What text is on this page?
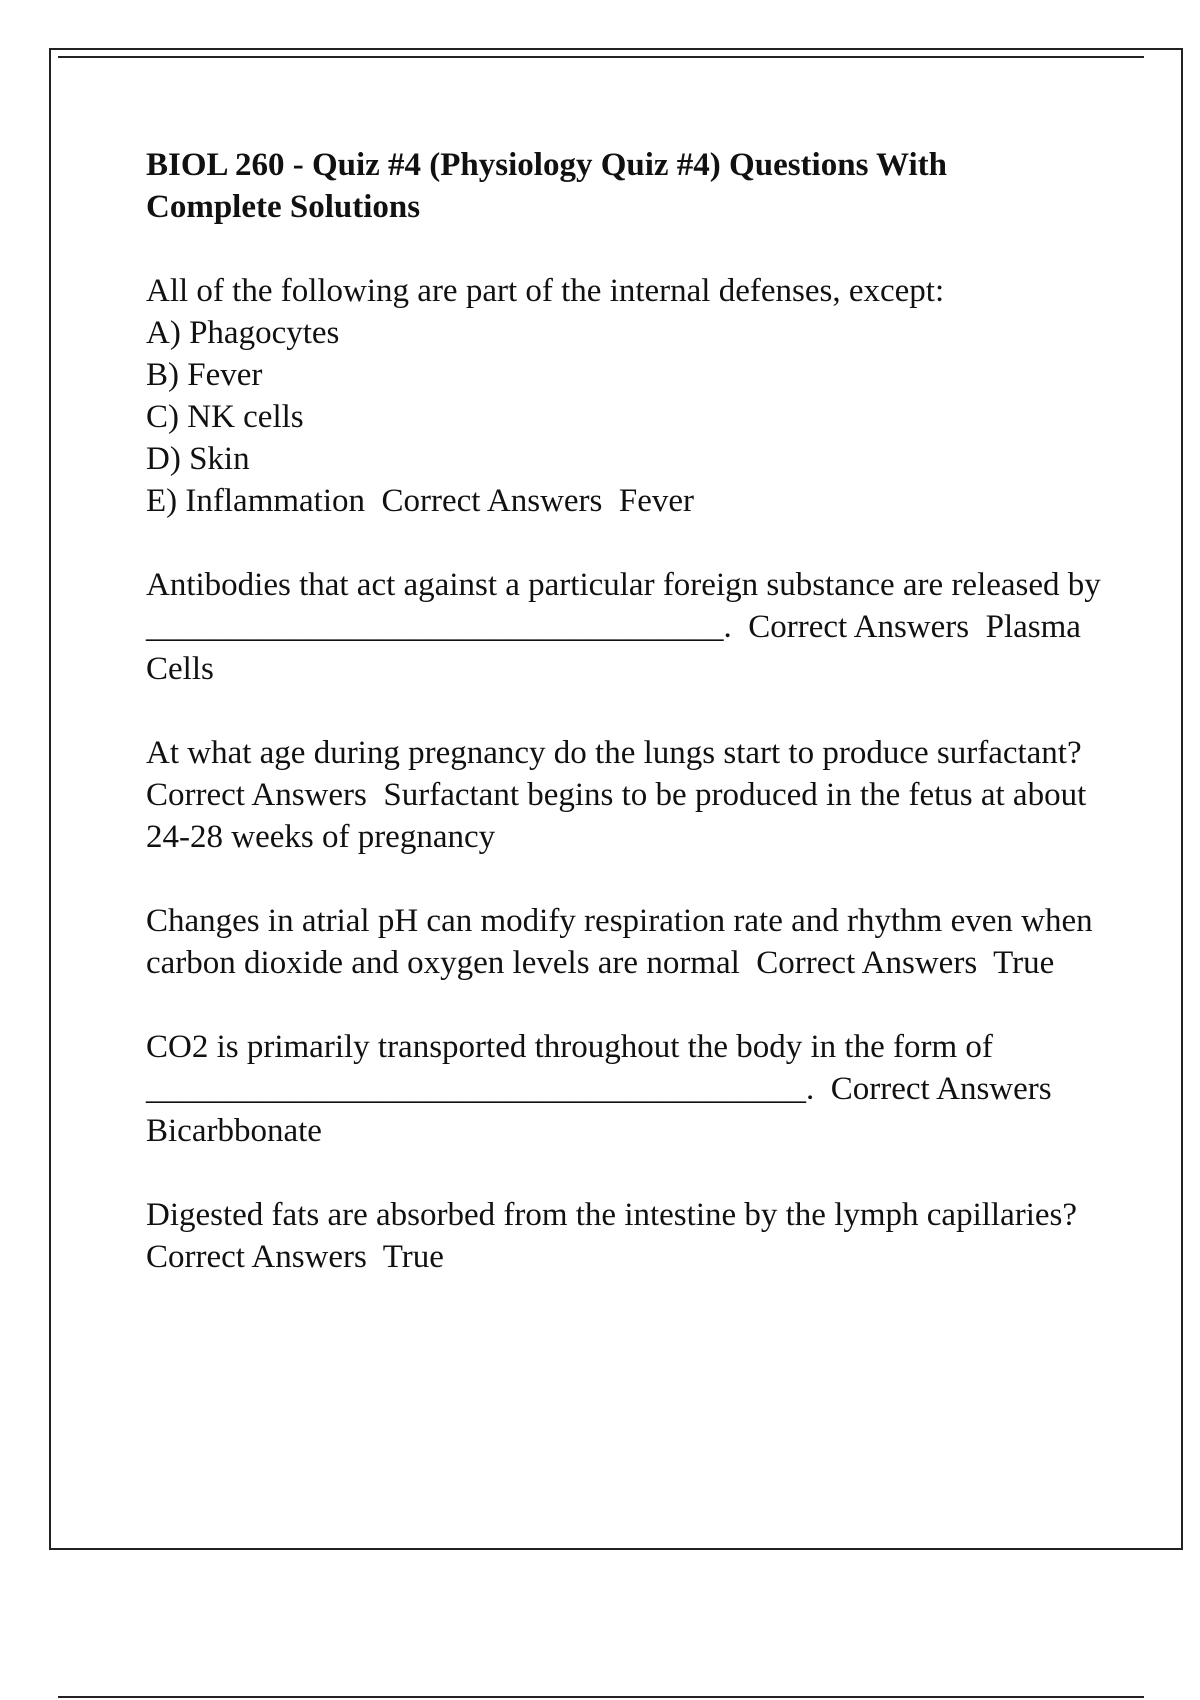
BIOL 260 - Quiz #4 (Physiology Quiz #4) Questions With Complete Solutions
All of the following are part of the internal defenses, except:
A) Phagocytes
B) Fever
C) NK cells
D) Skin
E) Inflammation Correct Answers Fever
Antibodies that act against a particular foreign substance are released by ___________________________________. Correct Answers Plasma Cells
At what age during pregnancy do the lungs start to produce surfactant?  Correct Answers Surfactant begins to be produced in the fetus at about 24-28 weeks of pregnancy
Changes in atrial pH can modify respiration rate and rhythm even when carbon dioxide and oxygen levels are normal Correct Answers True
CO2 is primarily transported throughout the body in the form of ________________________________________. Correct Answers  Bicarbbonate
Digested fats are absorbed from the intestine by the lymph capillaries?  Correct Answers True
